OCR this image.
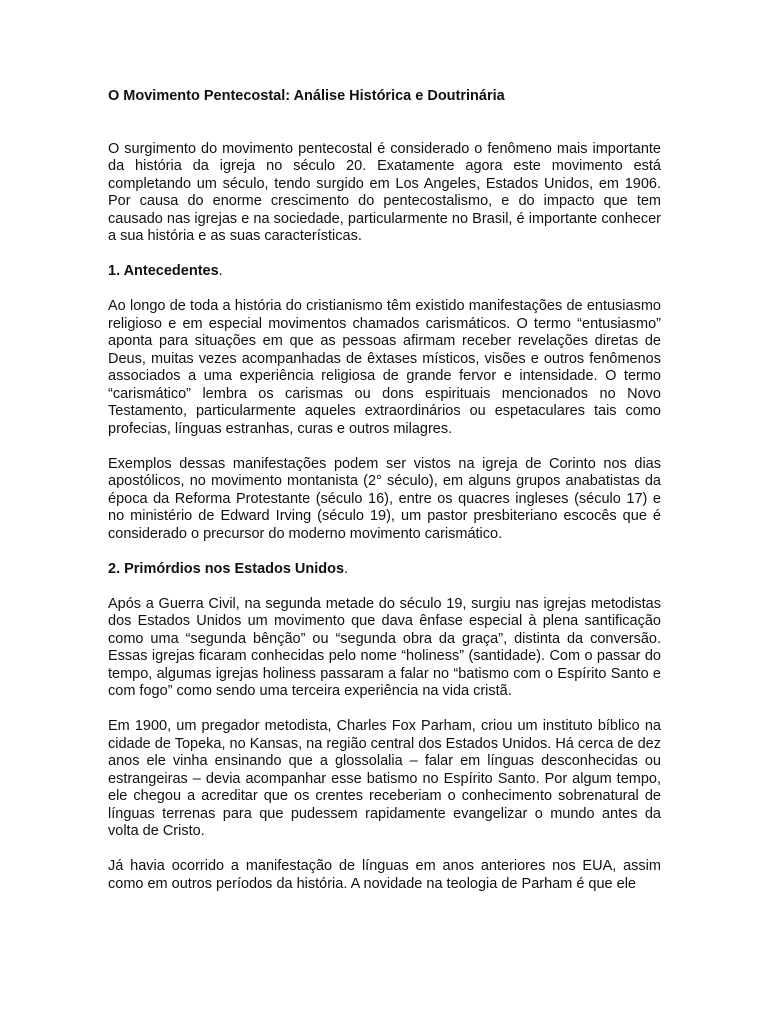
O Movimento Pentecostal: Análise Histórica e Doutrinária

O surgimento do movimento pentecostal é considerado o fenômeno mais importante da história da igreja no século 20. Exatamente agora este movimento está completando um século, tendo surgido em Los Angeles, Estados Unidos, em 1906. Por causa do enorme crescimento do pentecostalismo, e do impacto que tem causado nas igrejas e na sociedade, particularmente no Brasil, é importante conhecer a sua história e as suas características.

1. Antecedentes.

Ao longo de toda a história do cristianismo têm existido manifestações de entusiasmo religioso e em especial movimentos chamados carismáticos. O termo “entusiasmo” aponta para situações em que as pessoas afirmam receber revelações diretas de Deus, muitas vezes acompanhadas de êxtases místicos, visões e outros fenômenos associados a uma experiência religiosa de grande fervor e intensidade. O termo “carismático” lembra os carismas ou dons espirituais mencionados no Novo Testamento, particularmente aqueles extraordinários ou espetaculares tais como profecias, línguas estranhas, curas e outros milagres.

Exemplos dessas manifestações podem ser vistos na igreja de Corinto nos dias apostólicos, no movimento montanista (2° século), em alguns grupos anabatistas da época da Reforma Protestante (século 16), entre os quacres ingleses (século 17) e no ministério de Edward Irving (século 19), um pastor presbiteriano escocês que é considerado o precursor do moderno movimento carismático.

2. Primórdios nos Estados Unidos.

Após a Guerra Civil, na segunda metade do século 19, surgiu nas igrejas metodistas dos Estados Unidos um movimento que dava ênfase especial à plena santificação como uma “segunda bênção” ou “segunda obra da graça”, distinta da conversão. Essas igrejas ficaram conhecidas pelo nome “holiness” (santidade). Com o passar do tempo, algumas igrejas holiness passaram a falar no “batismo com o Espírito Santo e com fogo” como sendo uma terceira experiência na vida cristã.

Em 1900, um pregador metodista, Charles Fox Parham, criou um instituto bíblico na cidade de Topeka, no Kansas, na região central dos Estados Unidos. Há cerca de dez anos ele vinha ensinando que a glossolalia – falar em línguas desconhecidas ou estrangeiras – devia acompanhar esse batismo no Espírito Santo. Por algum tempo, ele chegou a acreditar que os crentes receberiam o conhecimento sobrenatural de línguas terrenas para que pudessem rapidamente evangelizar o mundo antes da volta de Cristo.

Já havia ocorrido a manifestação de línguas em anos anteriores nos EUA, assim como em outros períodos da história. A novidade na teologia de Parham é que ele
